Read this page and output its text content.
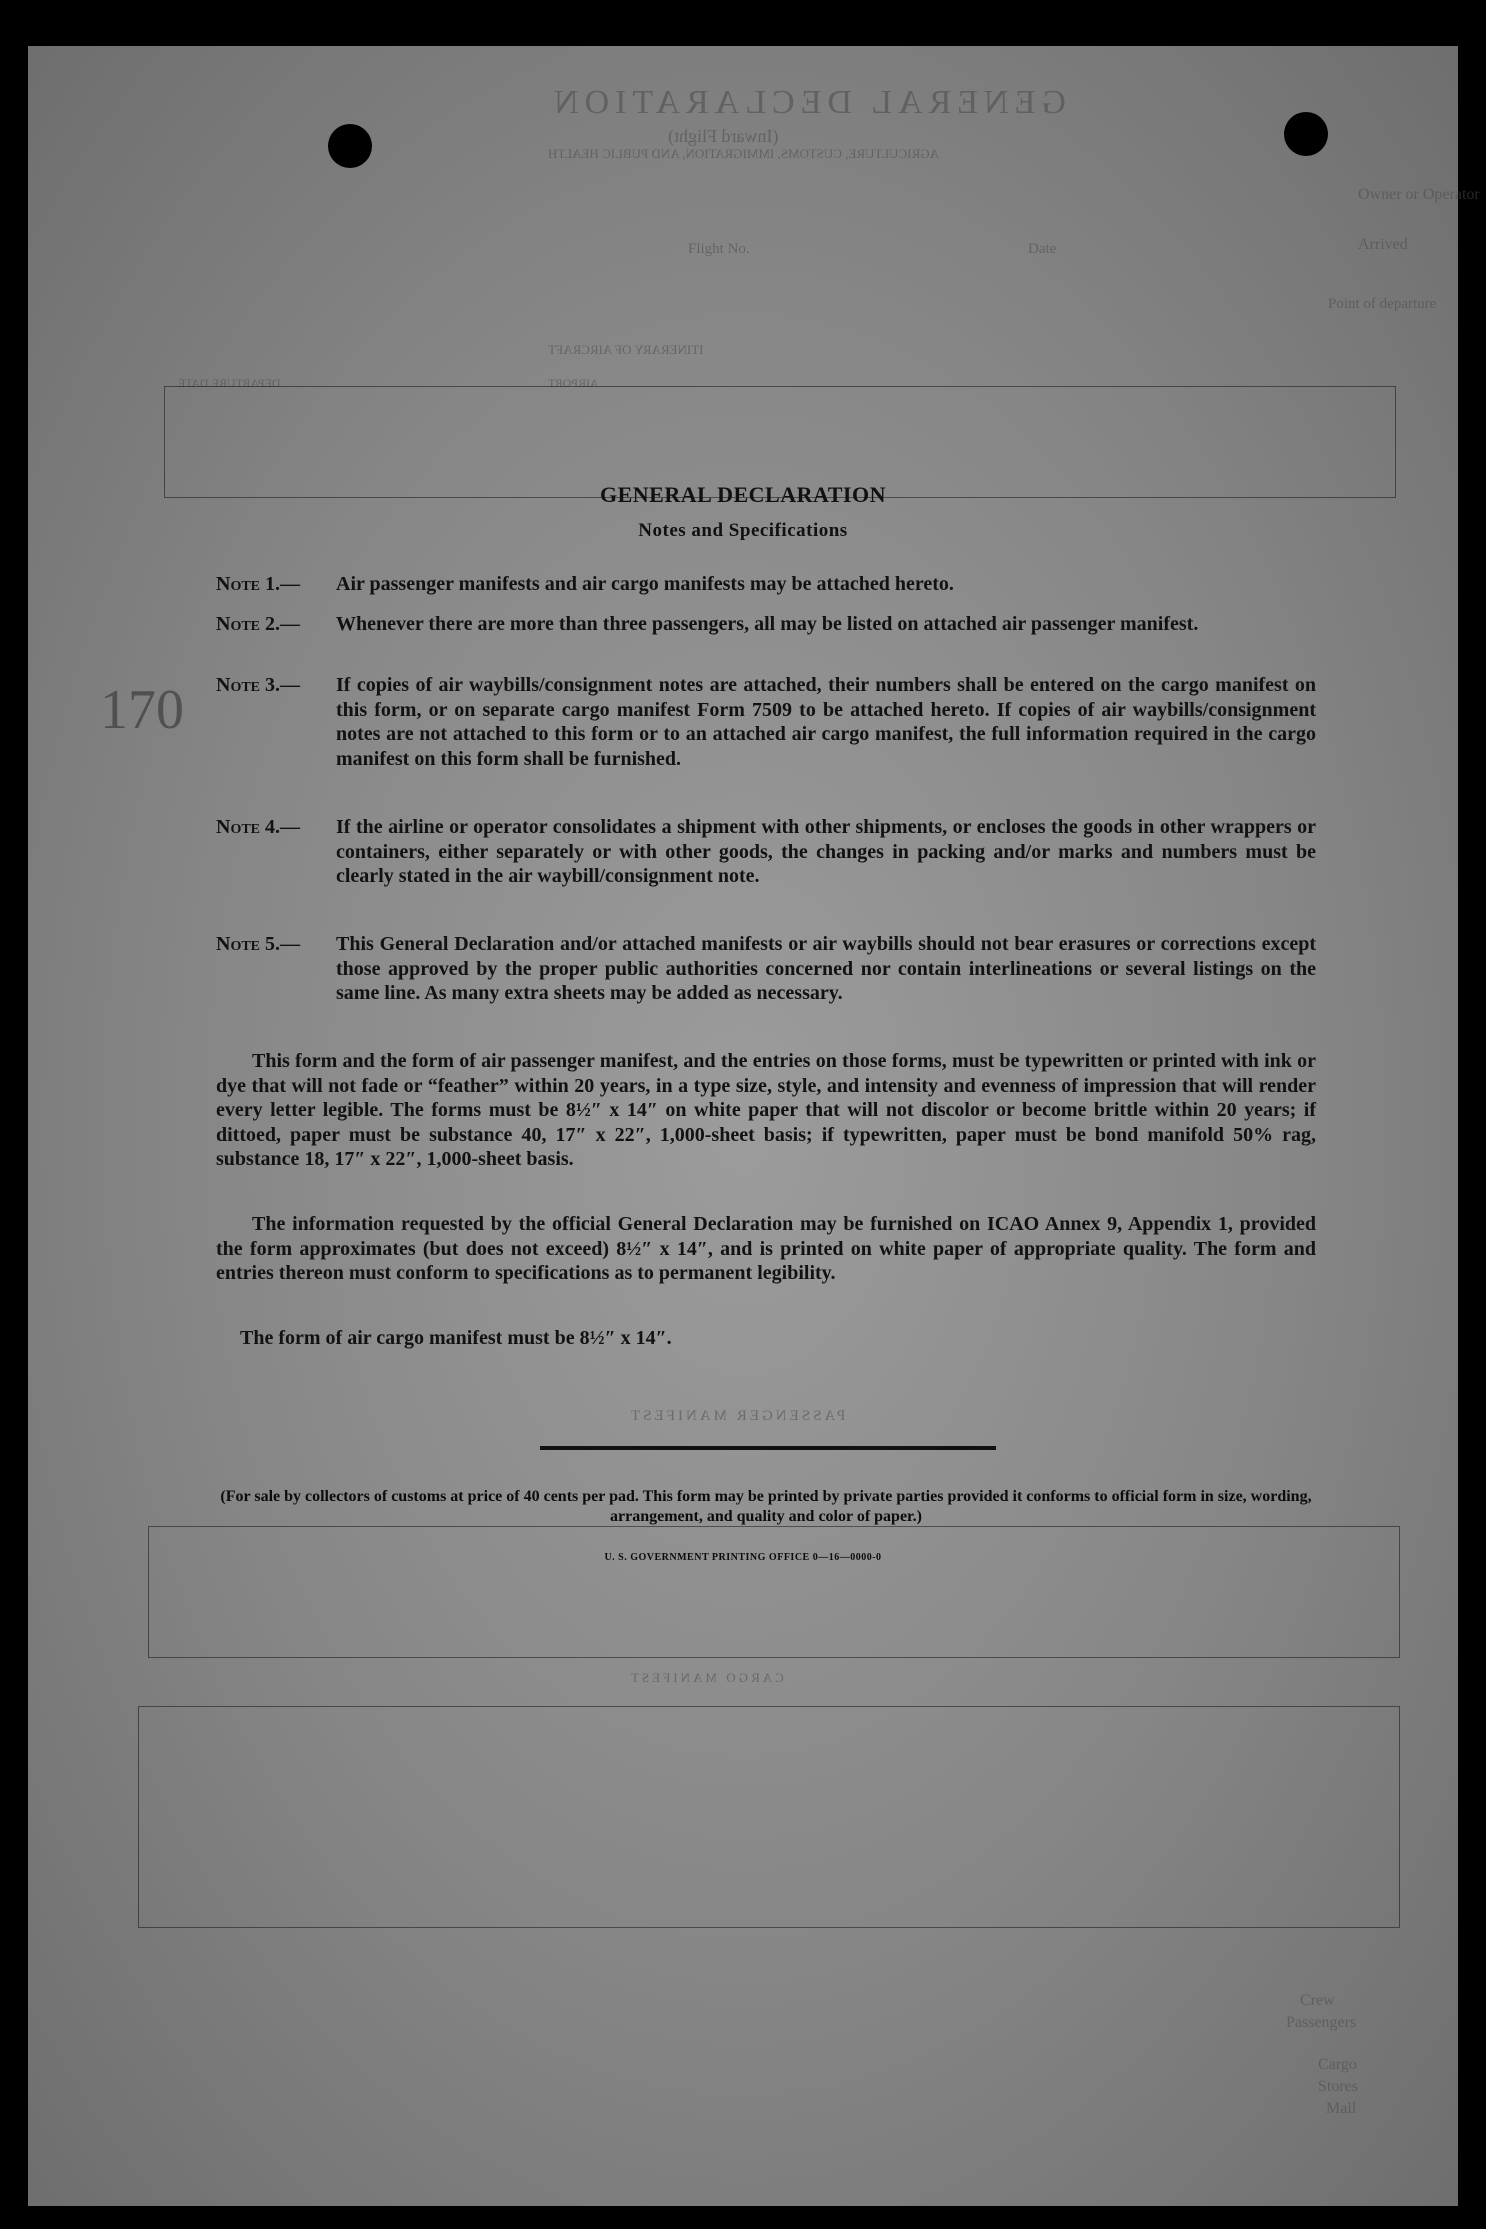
GENERAL DECLARATION
(Inward Flight)
AGRICULTURE, CUSTOMS, IMMIGRATION, AND PUBLIC HEALTH
Owner or Operator
Arrived
Date
Flight No.
Point of departure
ITINERARY OF AIRCRAFT
DEPARTURE DATE	AIRPORT
PASSENGER MANIFEST
CARGO MANIFEST
Crew
Passengers
Cargo
Stores
Mail
170
GENERAL DECLARATION
Notes and Specifications
Note 1.—	Air passenger manifests and air cargo manifests may be attached hereto.
Note 2.—	Whenever there are more than three passengers, all may be listed on attached air passenger manifest.
Note 3.—	If copies of air waybills/consignment notes are attached, their numbers shall be entered on the cargo manifest on this form, or on separate cargo manifest Form 7509 to be attached hereto. If copies of air waybills/consignment notes are not attached to this form or to an attached air cargo manifest, the full information required in the cargo manifest on this form shall be furnished.
Note 4.—	If the airline or operator consolidates a shipment with other shipments, or encloses the goods in other wrappers or containers, either separately or with other goods, the changes in packing and/or marks and numbers must be clearly stated in the air waybill/consignment note.
Note 5.—	This General Declaration and/or attached manifests or air waybills should not bear erasures or corrections except those approved by the proper public authorities concerned nor contain interlineations or several listings on the same line. As many extra sheets may be added as necessary.
This form and the form of air passenger manifest, and the entries on those forms, must be typewritten or printed with ink or dye that will not fade or “feather” within 20 years, in a type size, style, and intensity and evenness of impression that will render every letter legible. The forms must be 8½″ x 14″ on white paper that will not discolor or become brittle within 20 years; if dittoed, paper must be substance 40, 17″ x 22″, 1,000-sheet basis; if typewritten, paper must be bond manifold 50% rag, substance 18, 17″ x 22″, 1,000-sheet basis.
The information requested by the official General Declaration may be furnished on ICAO Annex 9, Appendix 1, provided the form approximates (but does not exceed) 8½″ x 14″, and is printed on white paper of appropriate quality. The form and entries thereon must conform to specifications as to permanent legibility.
The form of air cargo manifest must be 8½″ x 14″.
(For sale by collectors of customs at price of 40 cents per pad. This form may be printed by private parties provided it conforms to official form in size, wording, arrangement, and quality and color of paper.)
U. S. GOVERNMENT PRINTING OFFICE 0—16—0000-0
